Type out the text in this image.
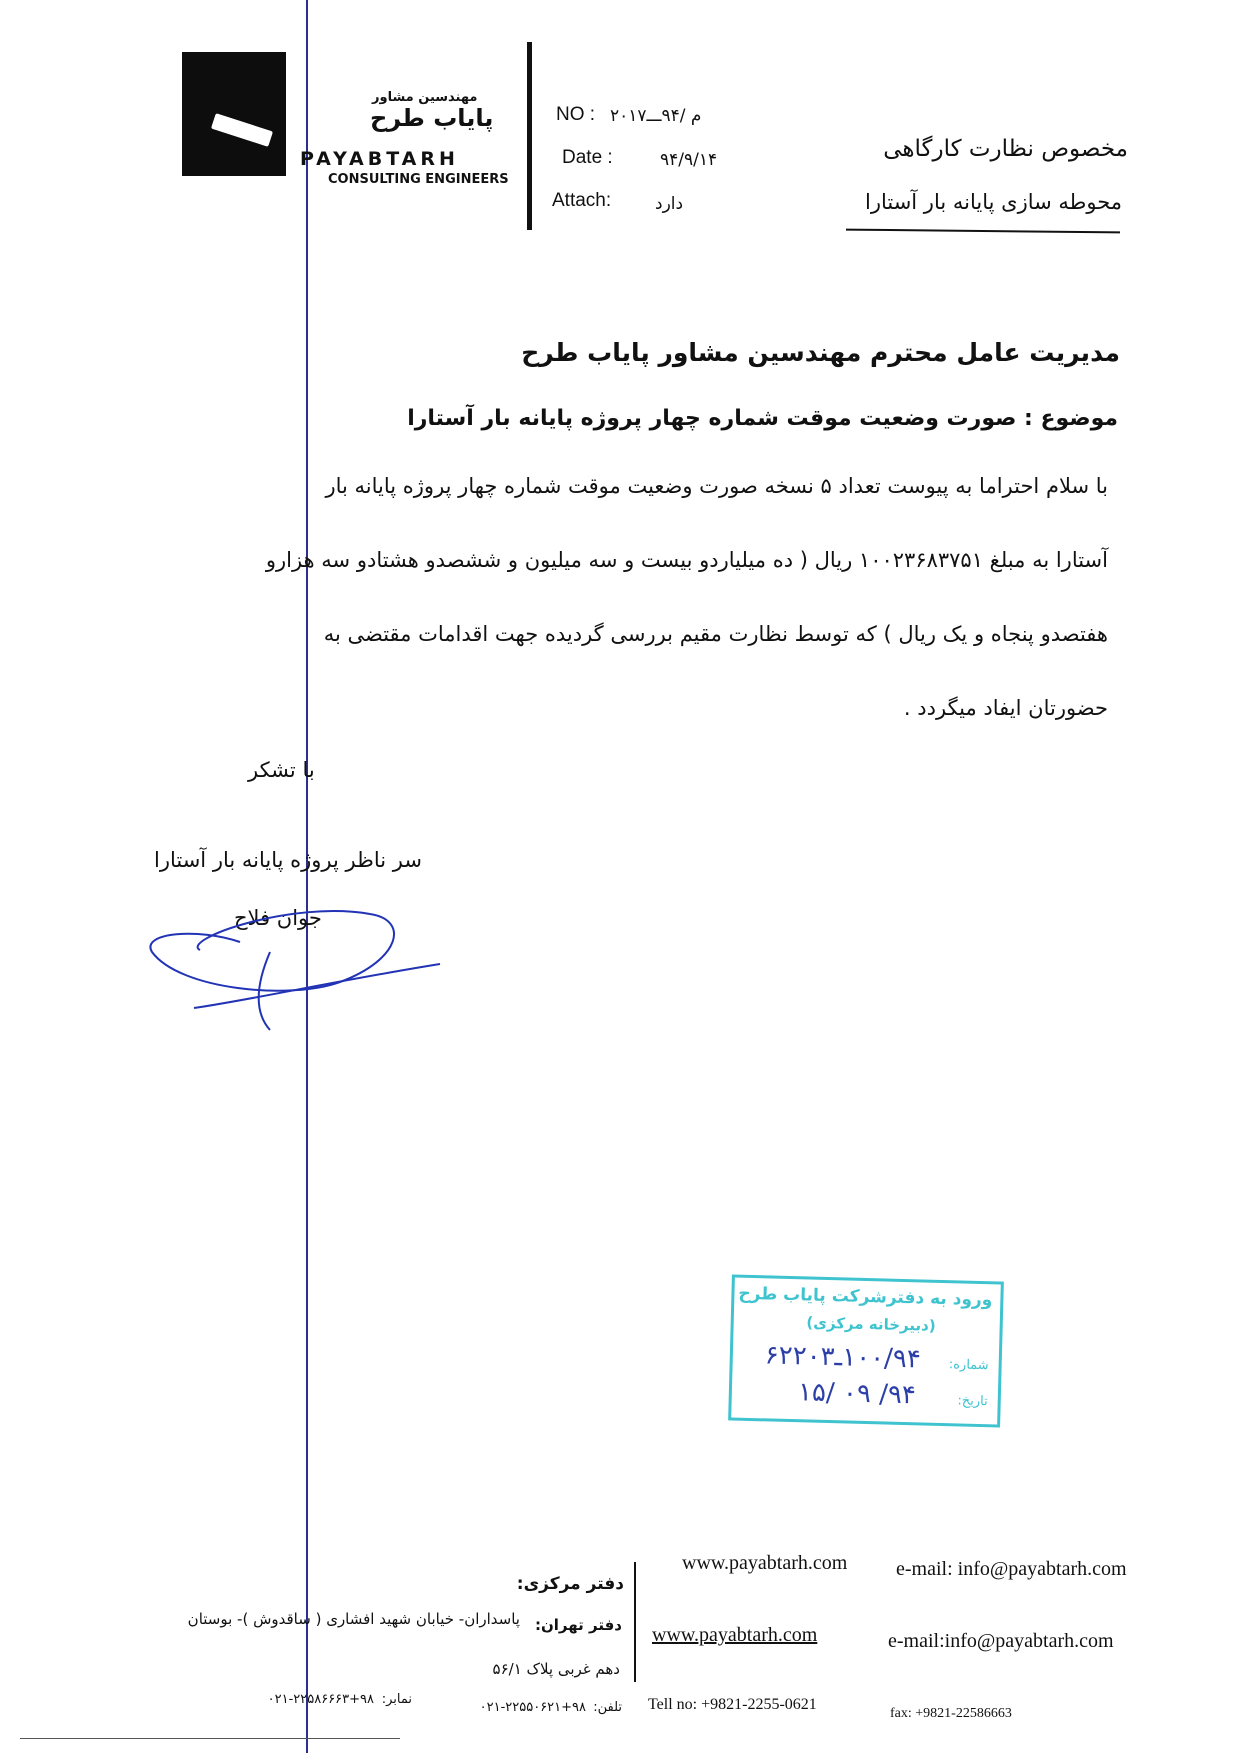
مهندسین مشاور
پایاب طرح
PAYABTARH
CONSULTING ENGINEERS
NO : م /۹۴ـــ۲۰۱۷
Date :	۹۴/۹/۱۴
Attach:	دارد
مخصوص نظارت کارگاهی
محوطه سازی پایانه بار آستارا
مدیریت عامل محترم مهندسین مشاور پایاب طرح
موضوع : صورت وضعیت موقت شماره چهار پروژه پایانه بار آستارا
با سلام احتراما به پیوست تعداد ۵ نسخه صورت وضعیت موقت شماره چهار پروژه پایانه بار
آستارا به مبلغ ۱۰۰۲۳۶۸۳۷۵۱ ریال ( ده میلیاردو بیست و سه میلیون و ششصدو هشتادو سه هزارو
هفتصدو پنجاه و یک ریال ) که توسط نظارت مقیم بررسی گردیده جهت اقدامات مقتضی به
حضورتان ایفاد میگردد .
با تشکر
سر ناظر پروژه پایانه بار آستارا
جوان فلاح
ورود به دفترشرکت پایاب طرح
(دبیرخانه مرکزی)
شماره:
۱۰۰/۹۴ـ۶۲۲۰۳
تاریخ:
۹۴/ ۰۹ /۱۵
www.payabtarh.com e-mail: info@payabtarh.com
دفتر مرکزی:
دفتر تهران:
پاسداران- خیابان شهید افشاری ( ساقدوش )- بوستان
دهم غربی پلاک ۵۶/۱
تلفن:
۰۲۱-۲۲۵۵۰۶۲۱+۹۸
نمابر:
۰۲۱-۲۲۵۸۶۶۶۳+۹۸
www.payabtarh.com	e-mail:info@payabtarh.com
Tell no: +9821-2255-0621
fax: +9821-22586663
